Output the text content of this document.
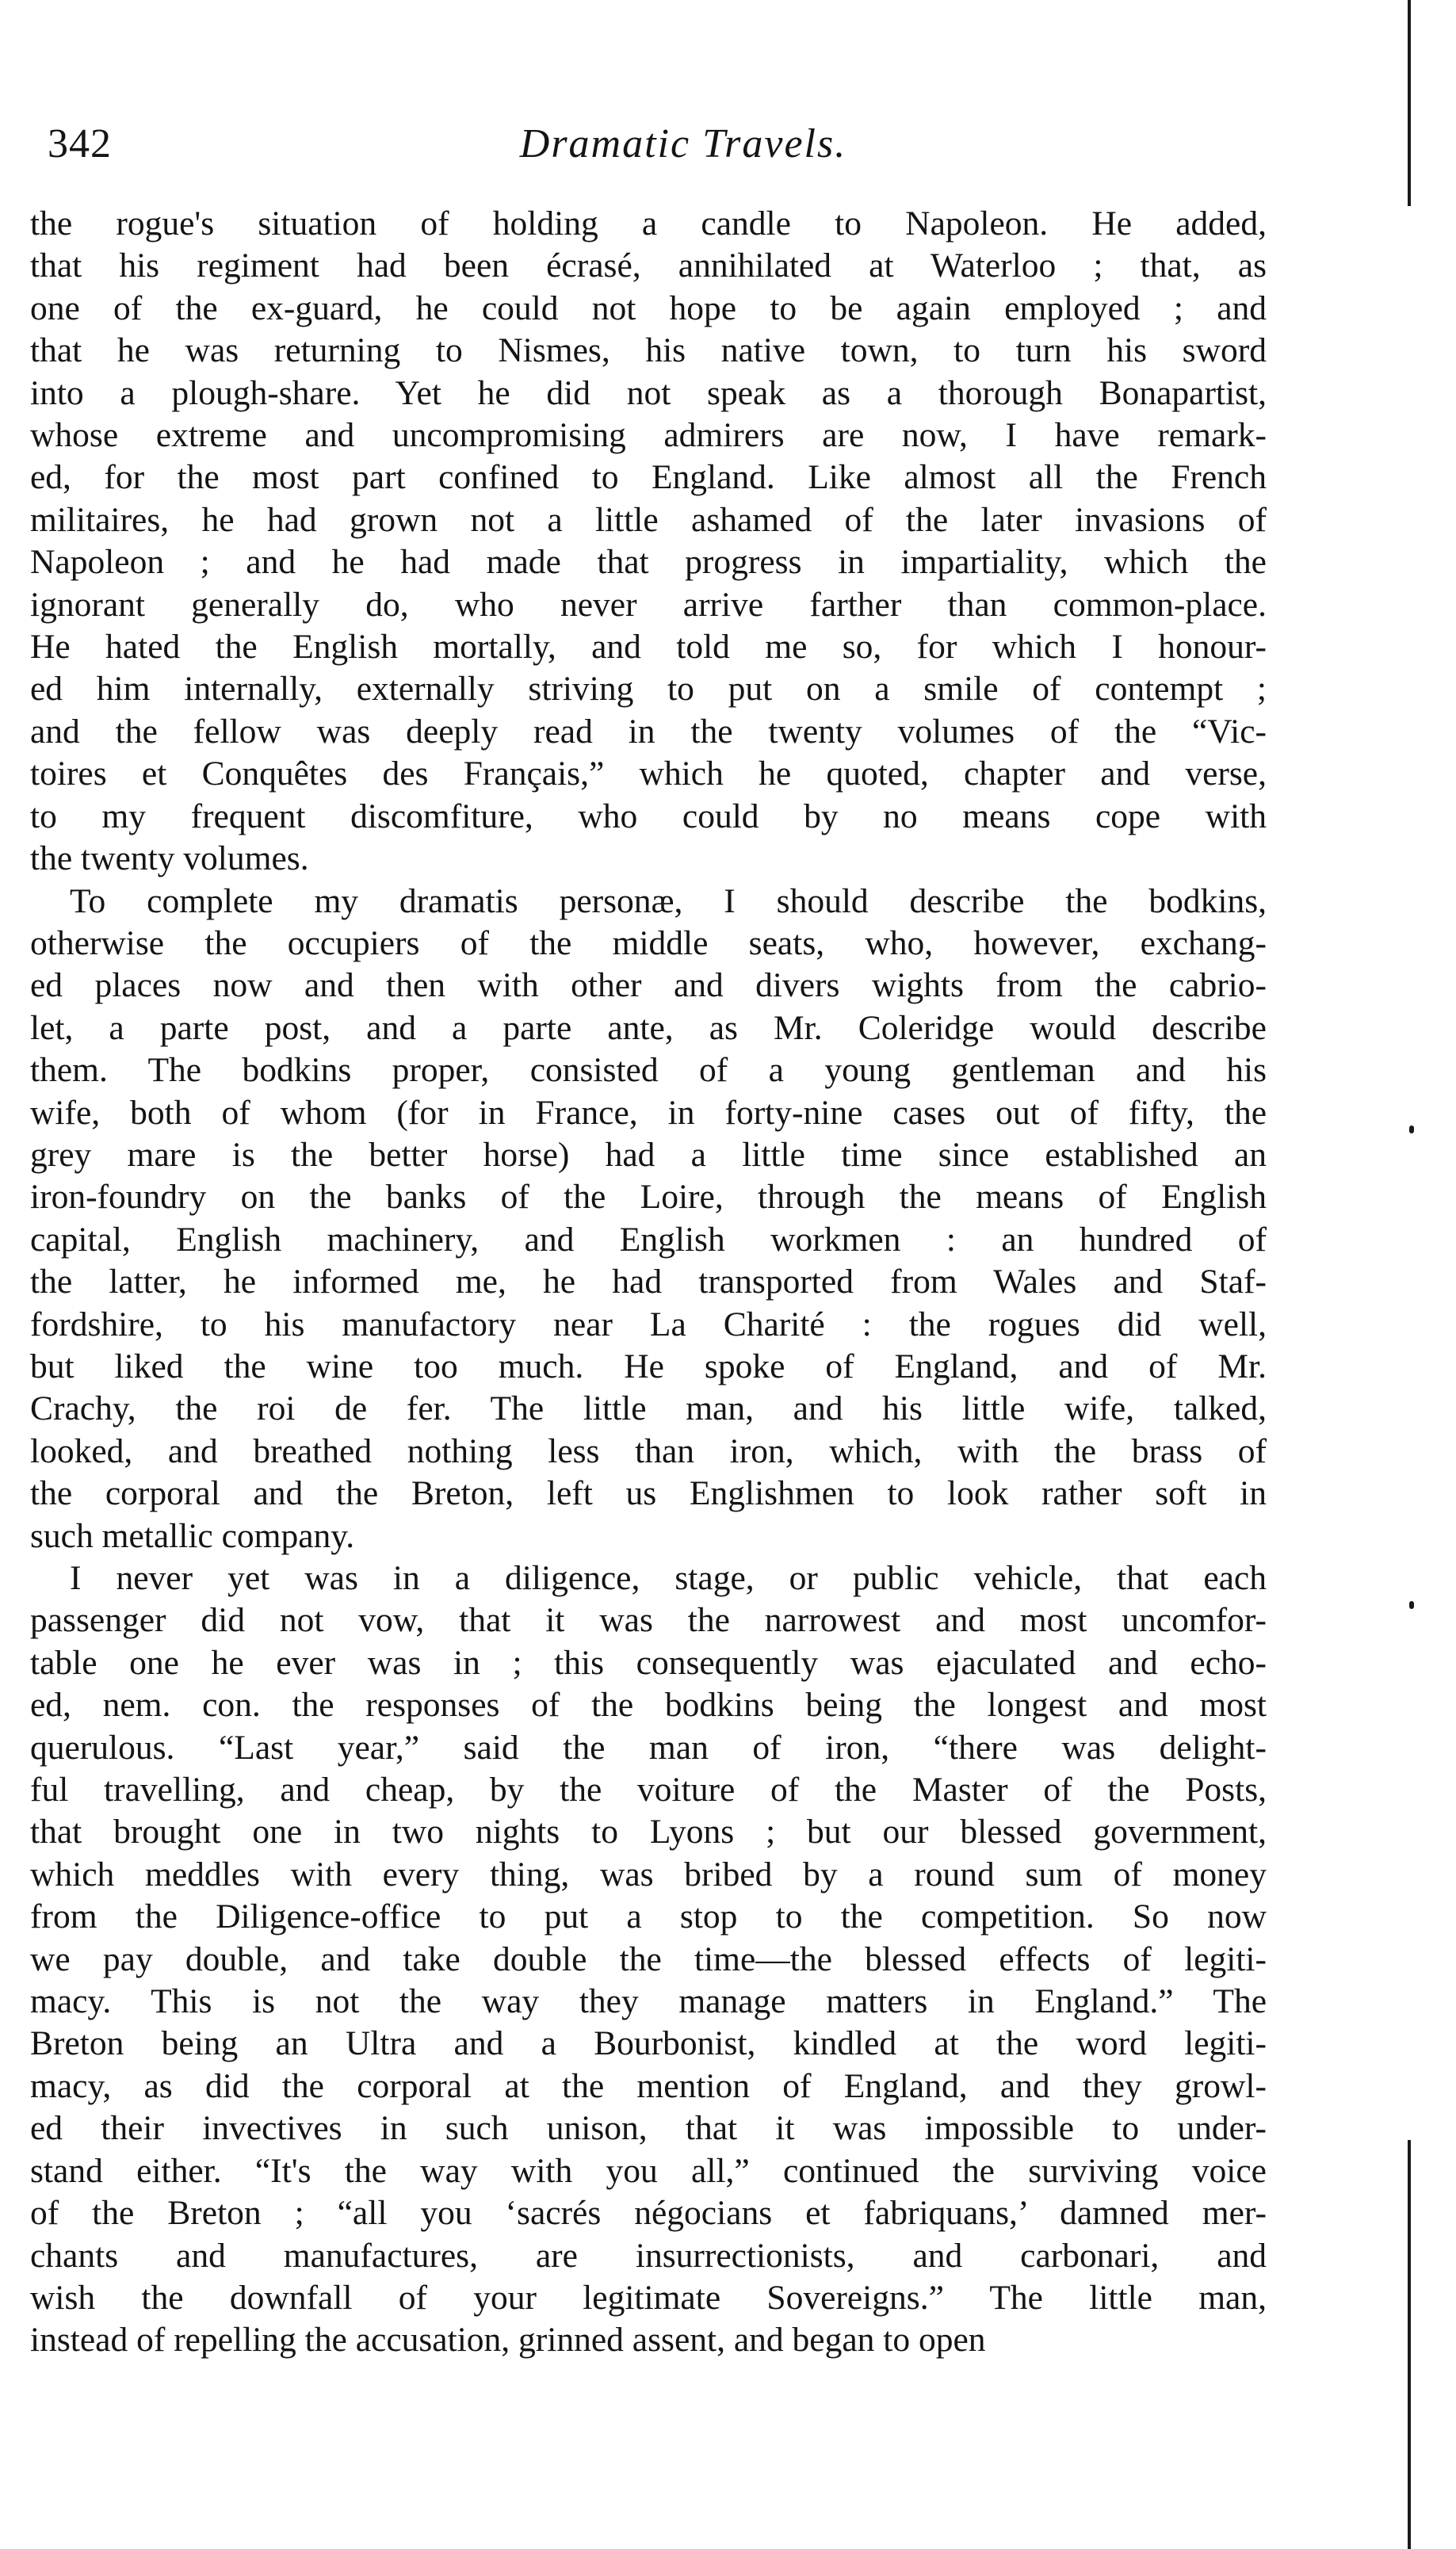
342	Dramatic Travels.

the rogue's situation of holding a candle to Napoleon. He added,
that his regiment had been écrasé, annihilated at Waterloo ; that, as
one of the ex-guard, he could not hope to be again employed ; and
that he was returning to Nismes, his native town, to turn his sword
into a plough-share. Yet he did not speak as a thorough Bonapartist,
whose extreme and uncompromising admirers are now, I have remark-
ed, for the most part confined to England. Like almost all the French
militaires, he had grown not a little ashamed of the later invasions of
Napoleon ; and he had made that progress in impartiality, which the
ignorant generally do, who never arrive farther than common-place.
He hated the English mortally, and told me so, for which I honour-
ed him internally, externally striving to put on a smile of contempt ;
and the fellow was deeply read in the twenty volumes of the “Vic-
toires et Conquêtes des Français,” which he quoted, chapter and verse,
to my frequent discomfiture, who could by no means cope with
the twenty volumes.

To complete my dramatis personæ, I should describe the bodkins,
otherwise the occupiers of the middle seats, who, however, exchang-
ed places now and then with other and divers wights from the cabrio-
let, a parte post, and a parte ante, as Mr. Coleridge would describe
them. The bodkins proper, consisted of a young gentleman and his
wife, both of whom (for in France, in forty-nine cases out of fifty, the
grey mare is the better horse) had a little time since established an
iron-foundry on the banks of the Loire, through the means of English
capital, English machinery, and English workmen : an hundred of
the latter, he informed me, he had transported from Wales and Staf-
fordshire, to his manufactory near La Charité : the rogues did well,
but liked the wine too much. He spoke of England, and of Mr.
Crachy, the roi de fer. The little man, and his little wife, talked,
looked, and breathed nothing less than iron, which, with the brass of
the corporal and the Breton, left us Englishmen to look rather soft in
such metallic company.

I never yet was in a diligence, stage, or public vehicle, that each
passenger did not vow, that it was the narrowest and most uncomfor-
table one he ever was in ; this consequently was ejaculated and echo-
ed, nem. con. the responses of the bodkins being the longest and most
querulous. “Last year,” said the man of iron, “there was delight-
ful travelling, and cheap, by the voiture of the Master of the Posts,
that brought one in two nights to Lyons ; but our blessed government,
which meddles with every thing, was bribed by a round sum of money
from the Diligence-office to put a stop to the competition. So now
we pay double, and take double the time—the blessed effects of legiti-
macy. This is not the way they manage matters in England.” The
Breton being an Ultra and a Bourbonist, kindled at the word legiti-
macy, as did the corporal at the mention of England, and they growl-
ed their invectives in such unison, that it was impossible to under-
stand either. “It's the way with you all,” continued the surviving voice
of the Breton ; “all you ‘sacrés négocians et fabriquans,’ damned mer-
chants and manufactures, are insurrectionists, and carbonari, and
wish the downfall of your legitimate Sovereigns.” The little man,
instead of repelling the accusation, grinned assent, and began to open
